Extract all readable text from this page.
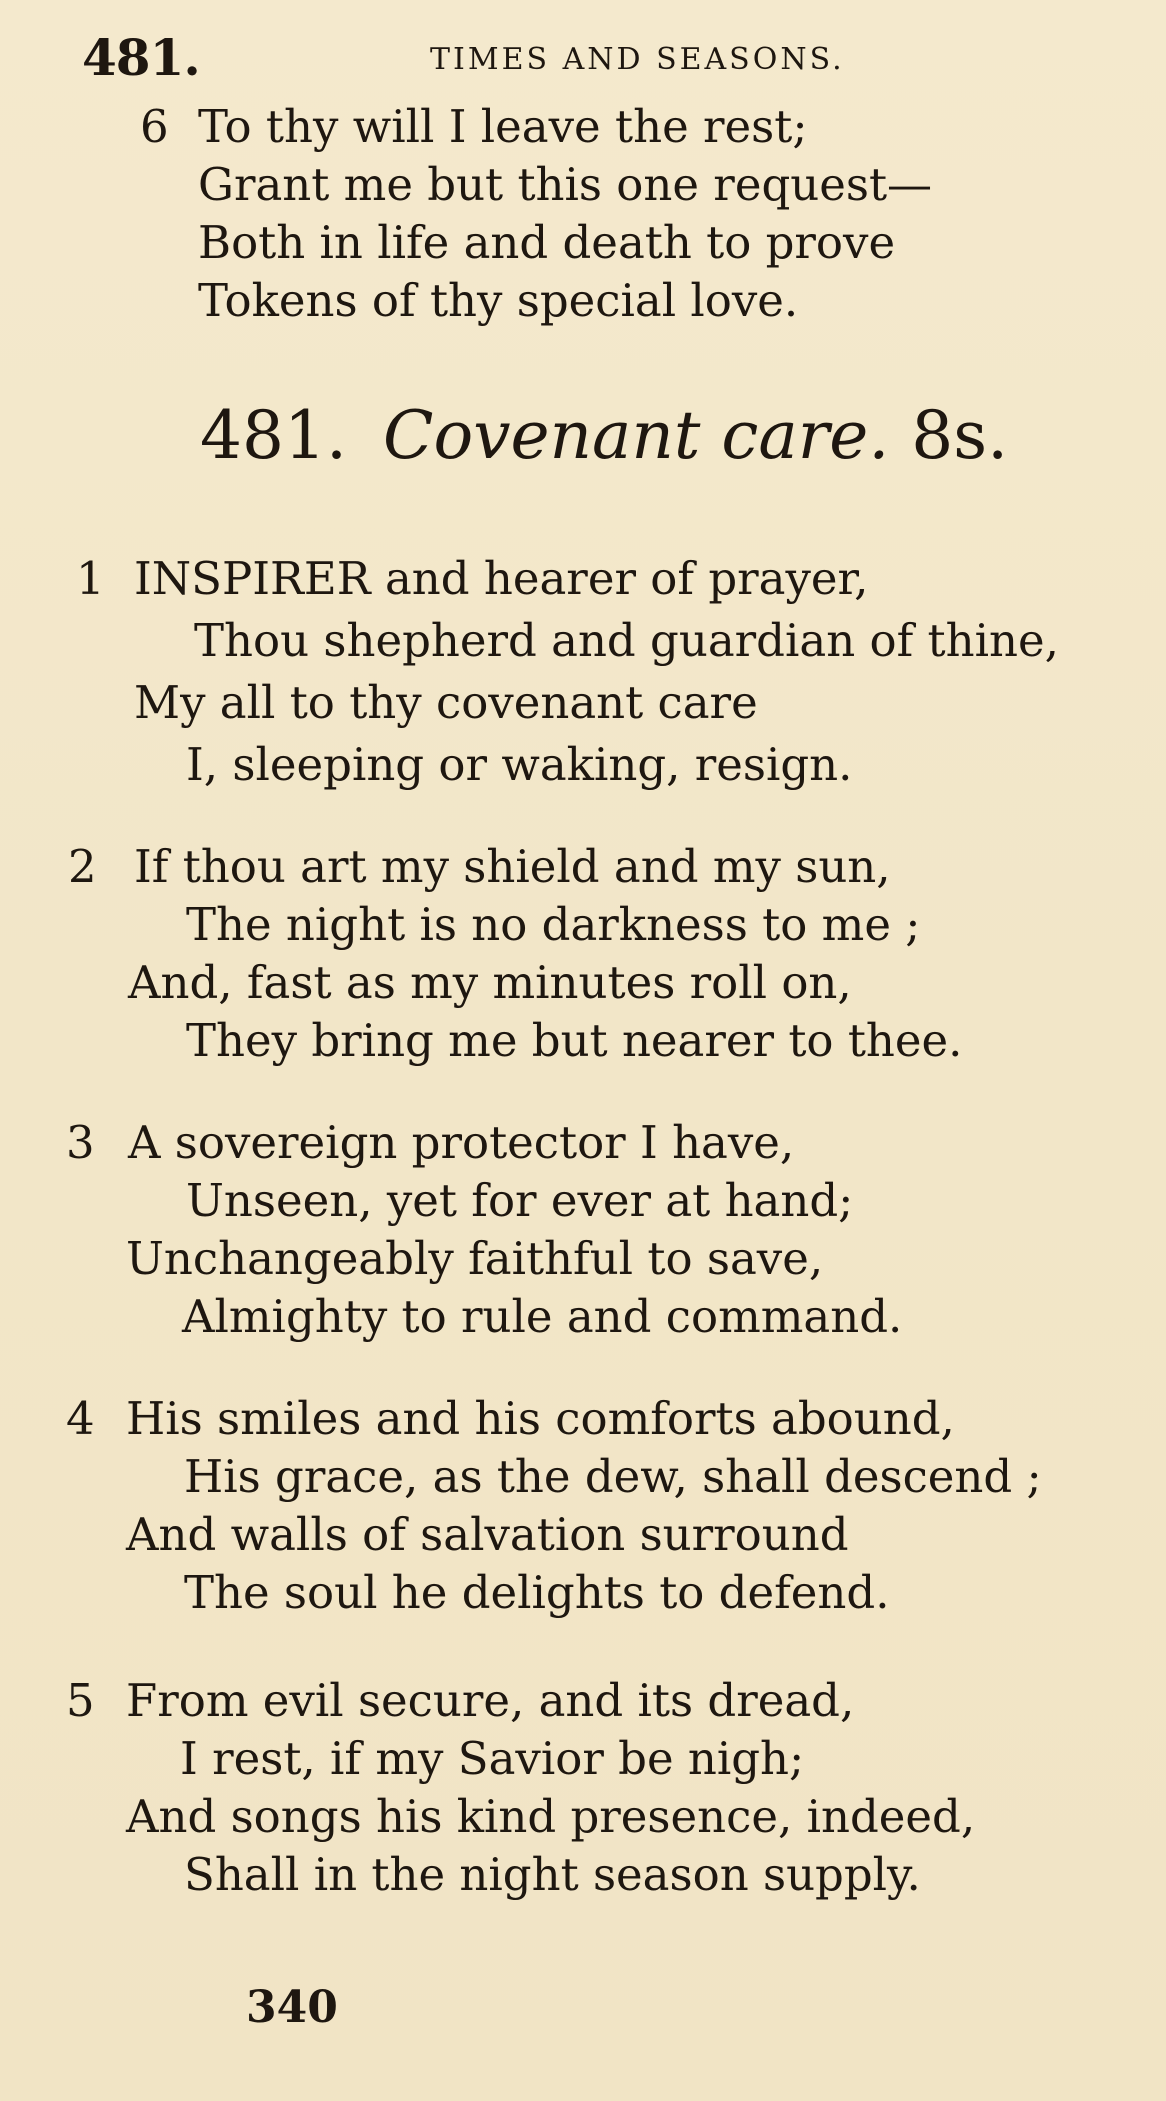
481.	TIMES AND SEASONS.
6 To thy will I leave the rest;
Grant me but this one request—
Both in life and death to prove
Tokens of thy special love.
481. Covenant care. 8s.
1 INSPIRER and hearer of prayer,
Thou shepherd and guardian of thine,
My all to thy covenant care
I, sleeping or waking, resign.
2 If thou art my shield and my sun,
The night is no darkness to me ;
And, fast as my minutes roll on,
They bring me but nearer to thee.
3 A sovereign protector I have,
Unseen, yet for ever at hand;
Unchangeably faithful to save,
Almighty to rule and command.
4 His smiles and his comforts abound,
His grace, as the dew, shall descend ;
And walls of salvation surround
The soul he delights to defend.
5 From evil secure, and its dread,
I rest, if my Savior be nigh;
And songs his kind presence, indeed,
Shall in the night season supply.
340
